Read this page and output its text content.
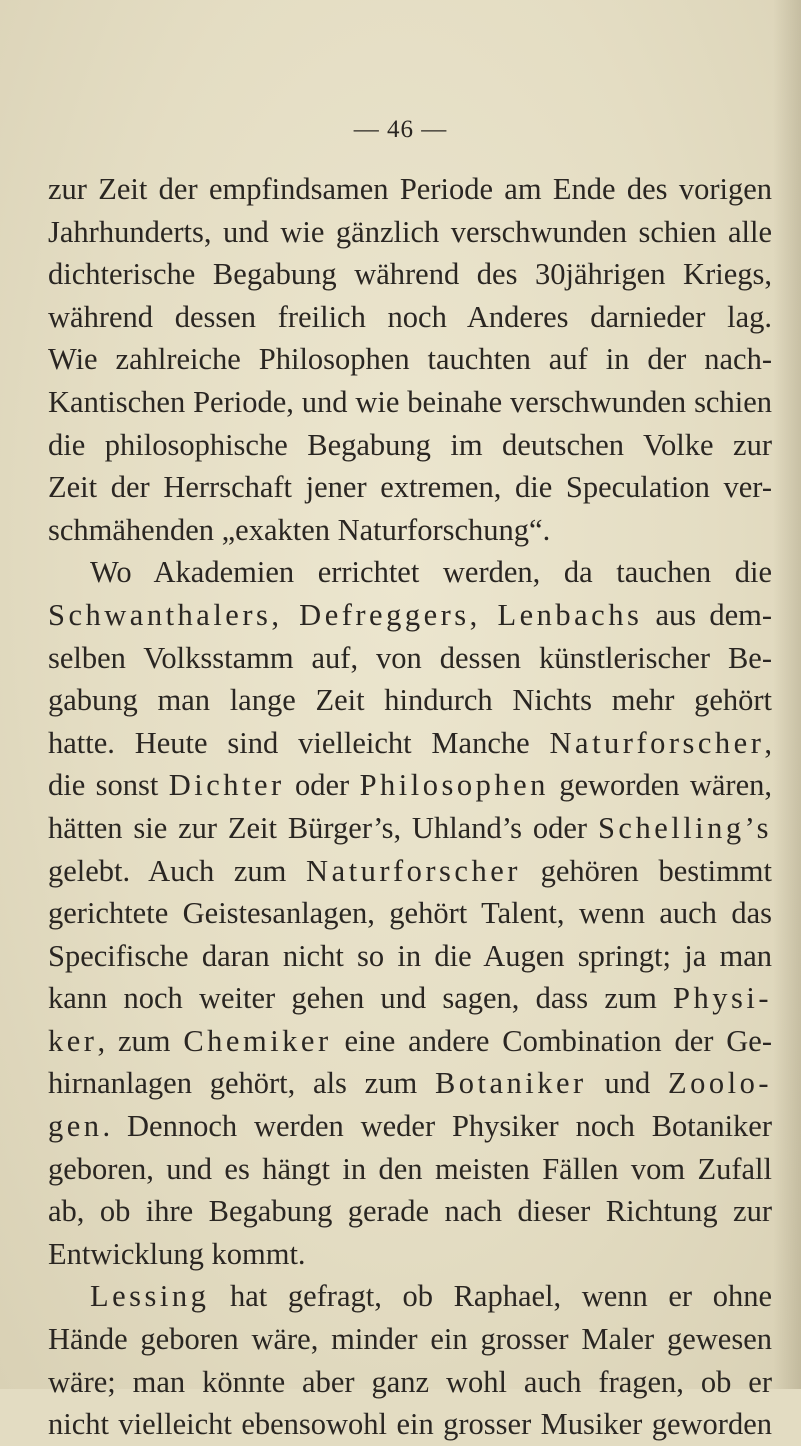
— 46 —
zur Zeit der empfindsamen Periode am Ende des vorigen
Jahrhunderts, und wie gänzlich verschwunden schien alle
dichterische Begabung während des 30jährigen Kriegs,
während dessen freilich noch Anderes darnieder lag.
Wie zahlreiche Philosophen tauchten auf in der nach-
Kantischen Periode, und wie beinahe verschwunden schien
die philosophische Begabung im deutschen Volke zur
Zeit der Herrschaft jener extremen, die Speculation ver-
schmähenden „exakten Naturforschung“.
Wo Akademien errichtet werden, da tauchen die
Schwanthalers, Defreggers, Lenbachs aus dem-
selben Volksstamm auf, von dessen künstlerischer Be-
gabung man lange Zeit hindurch Nichts mehr gehört
hatte. Heute sind vielleicht Manche Naturforscher,
die sonst Dichter oder Philosophen geworden wären,
hätten sie zur Zeit Bürger’s, Uhland’s oder Schelling’s
gelebt. Auch zum Naturforscher gehören bestimmt
gerichtete Geistesanlagen, gehört Talent, wenn auch das
Specifische daran nicht so in die Augen springt; ja man
kann noch weiter gehen und sagen, dass zum Physi-
ker, zum Chemiker eine andere Combination der Ge-
hirnanlagen gehört, als zum Botaniker und Zoolo-
gen. Dennoch werden weder Physiker noch Botaniker
geboren, und es hängt in den meisten Fällen vom Zufall
ab, ob ihre Begabung gerade nach dieser Richtung zur
Entwicklung kommt.
Lessing hat gefragt, ob Raphael, wenn er ohne
Hände geboren wäre, minder ein grosser Maler gewesen
wäre; man könnte aber ganz wohl auch fragen, ob er
nicht vielleicht ebensowohl ein grosser Musiker geworden
